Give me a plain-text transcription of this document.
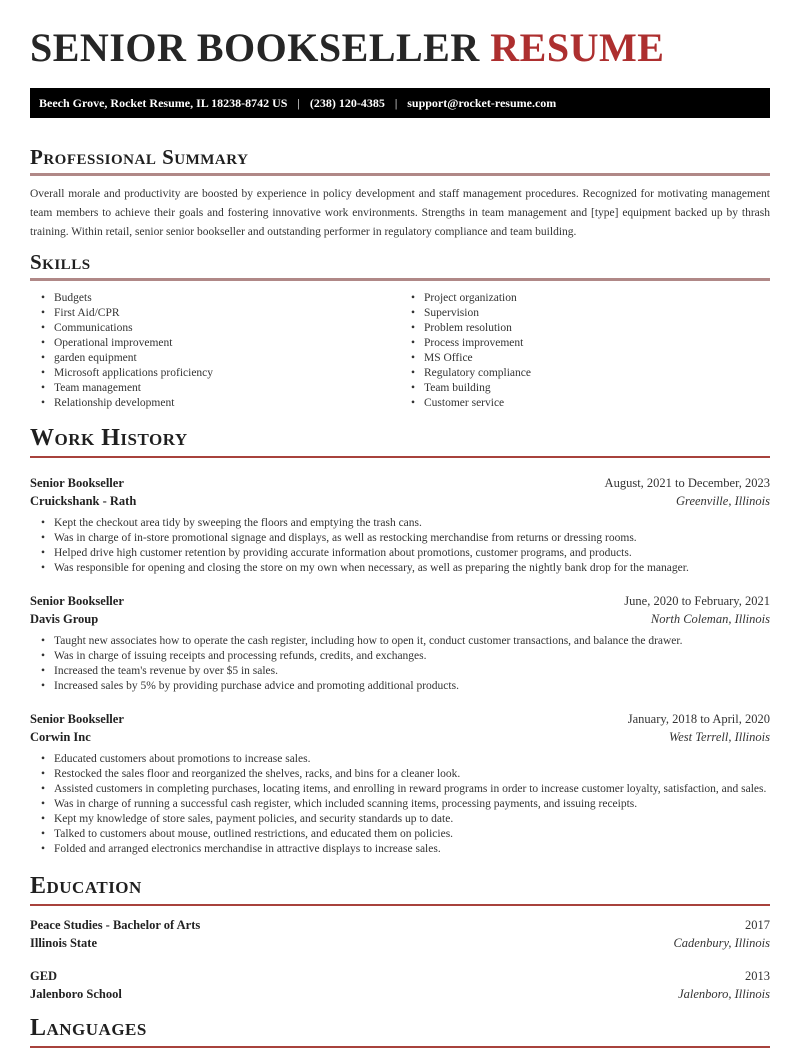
SENIOR BOOKSELLER RESUME
Beech Grove, Rocket Resume, IL 18238-8742 US | (238) 120-4385 | support@rocket-resume.com
Professional Summary

Overall morale and productivity are boosted by experience in policy development and staff management procedures. Recognized for motivating management team members to achieve their goals and fostering innovative work environments. Strengths in team management and [type] equipment backed up by thrash training. Within retail, senior senior bookseller and outstanding performer in regulatory compliance and team building.

Skills
• Budgets
• First Aid/CPR
• Communications
• Operational improvement
• garden equipment
• Microsoft applications proficiency
• Team management
• Relationship development
• Project organization
• Supervision
• Problem resolution
• Process improvement
• MS Office
• Regulatory compliance
• Team building
• Customer service
Work History
Senior Bookseller	August, 2021 to December, 2023
Cruickshank - Rath	Greenville, Illinois
• Kept the checkout area tidy by sweeping the floors and emptying the trash cans.
• Was in charge of in-store promotional signage and displays, as well as restocking merchandise from returns or dressing rooms.
• Helped drive high customer retention by providing accurate information about promotions, customer programs, and products.
• Was responsible for opening and closing the store on my own when necessary, as well as preparing the nightly bank drop for the manager.
Senior Bookseller	June, 2020 to February, 2021
Davis Group	North Coleman, Illinois
• Taught new associates how to operate the cash register, including how to open it, conduct customer transactions, and balance the drawer.
• Was in charge of issuing receipts and processing refunds, credits, and exchanges.
• Increased the team's revenue by over $5 in sales.
• Increased sales by 5% by providing purchase advice and promoting additional products.
Senior Bookseller	January, 2018 to April, 2020
Corwin Inc	West Terrell, Illinois
• Educated customers about promotions to increase sales.
• Restocked the sales floor and reorganized the shelves, racks, and bins for a cleaner look.
• Assisted customers in completing purchases, locating items, and enrolling in reward programs in order to increase customer loyalty, satisfaction, and sales.
• Was in charge of running a successful cash register, which included scanning items, processing payments, and issuing receipts.
• Kept my knowledge of store sales, payment policies, and security standards up to date.
• Talked to customers about mouse, outlined restrictions, and educated them on policies.
• Folded and arranged electronics merchandise in attractive displays to increase sales.
Education
Peace Studies - Bachelor of Arts	2017
Illinois State	Cadenbury, Illinois
GED	2013
Jalenboro School	Jalenboro, Illinois
Languages
